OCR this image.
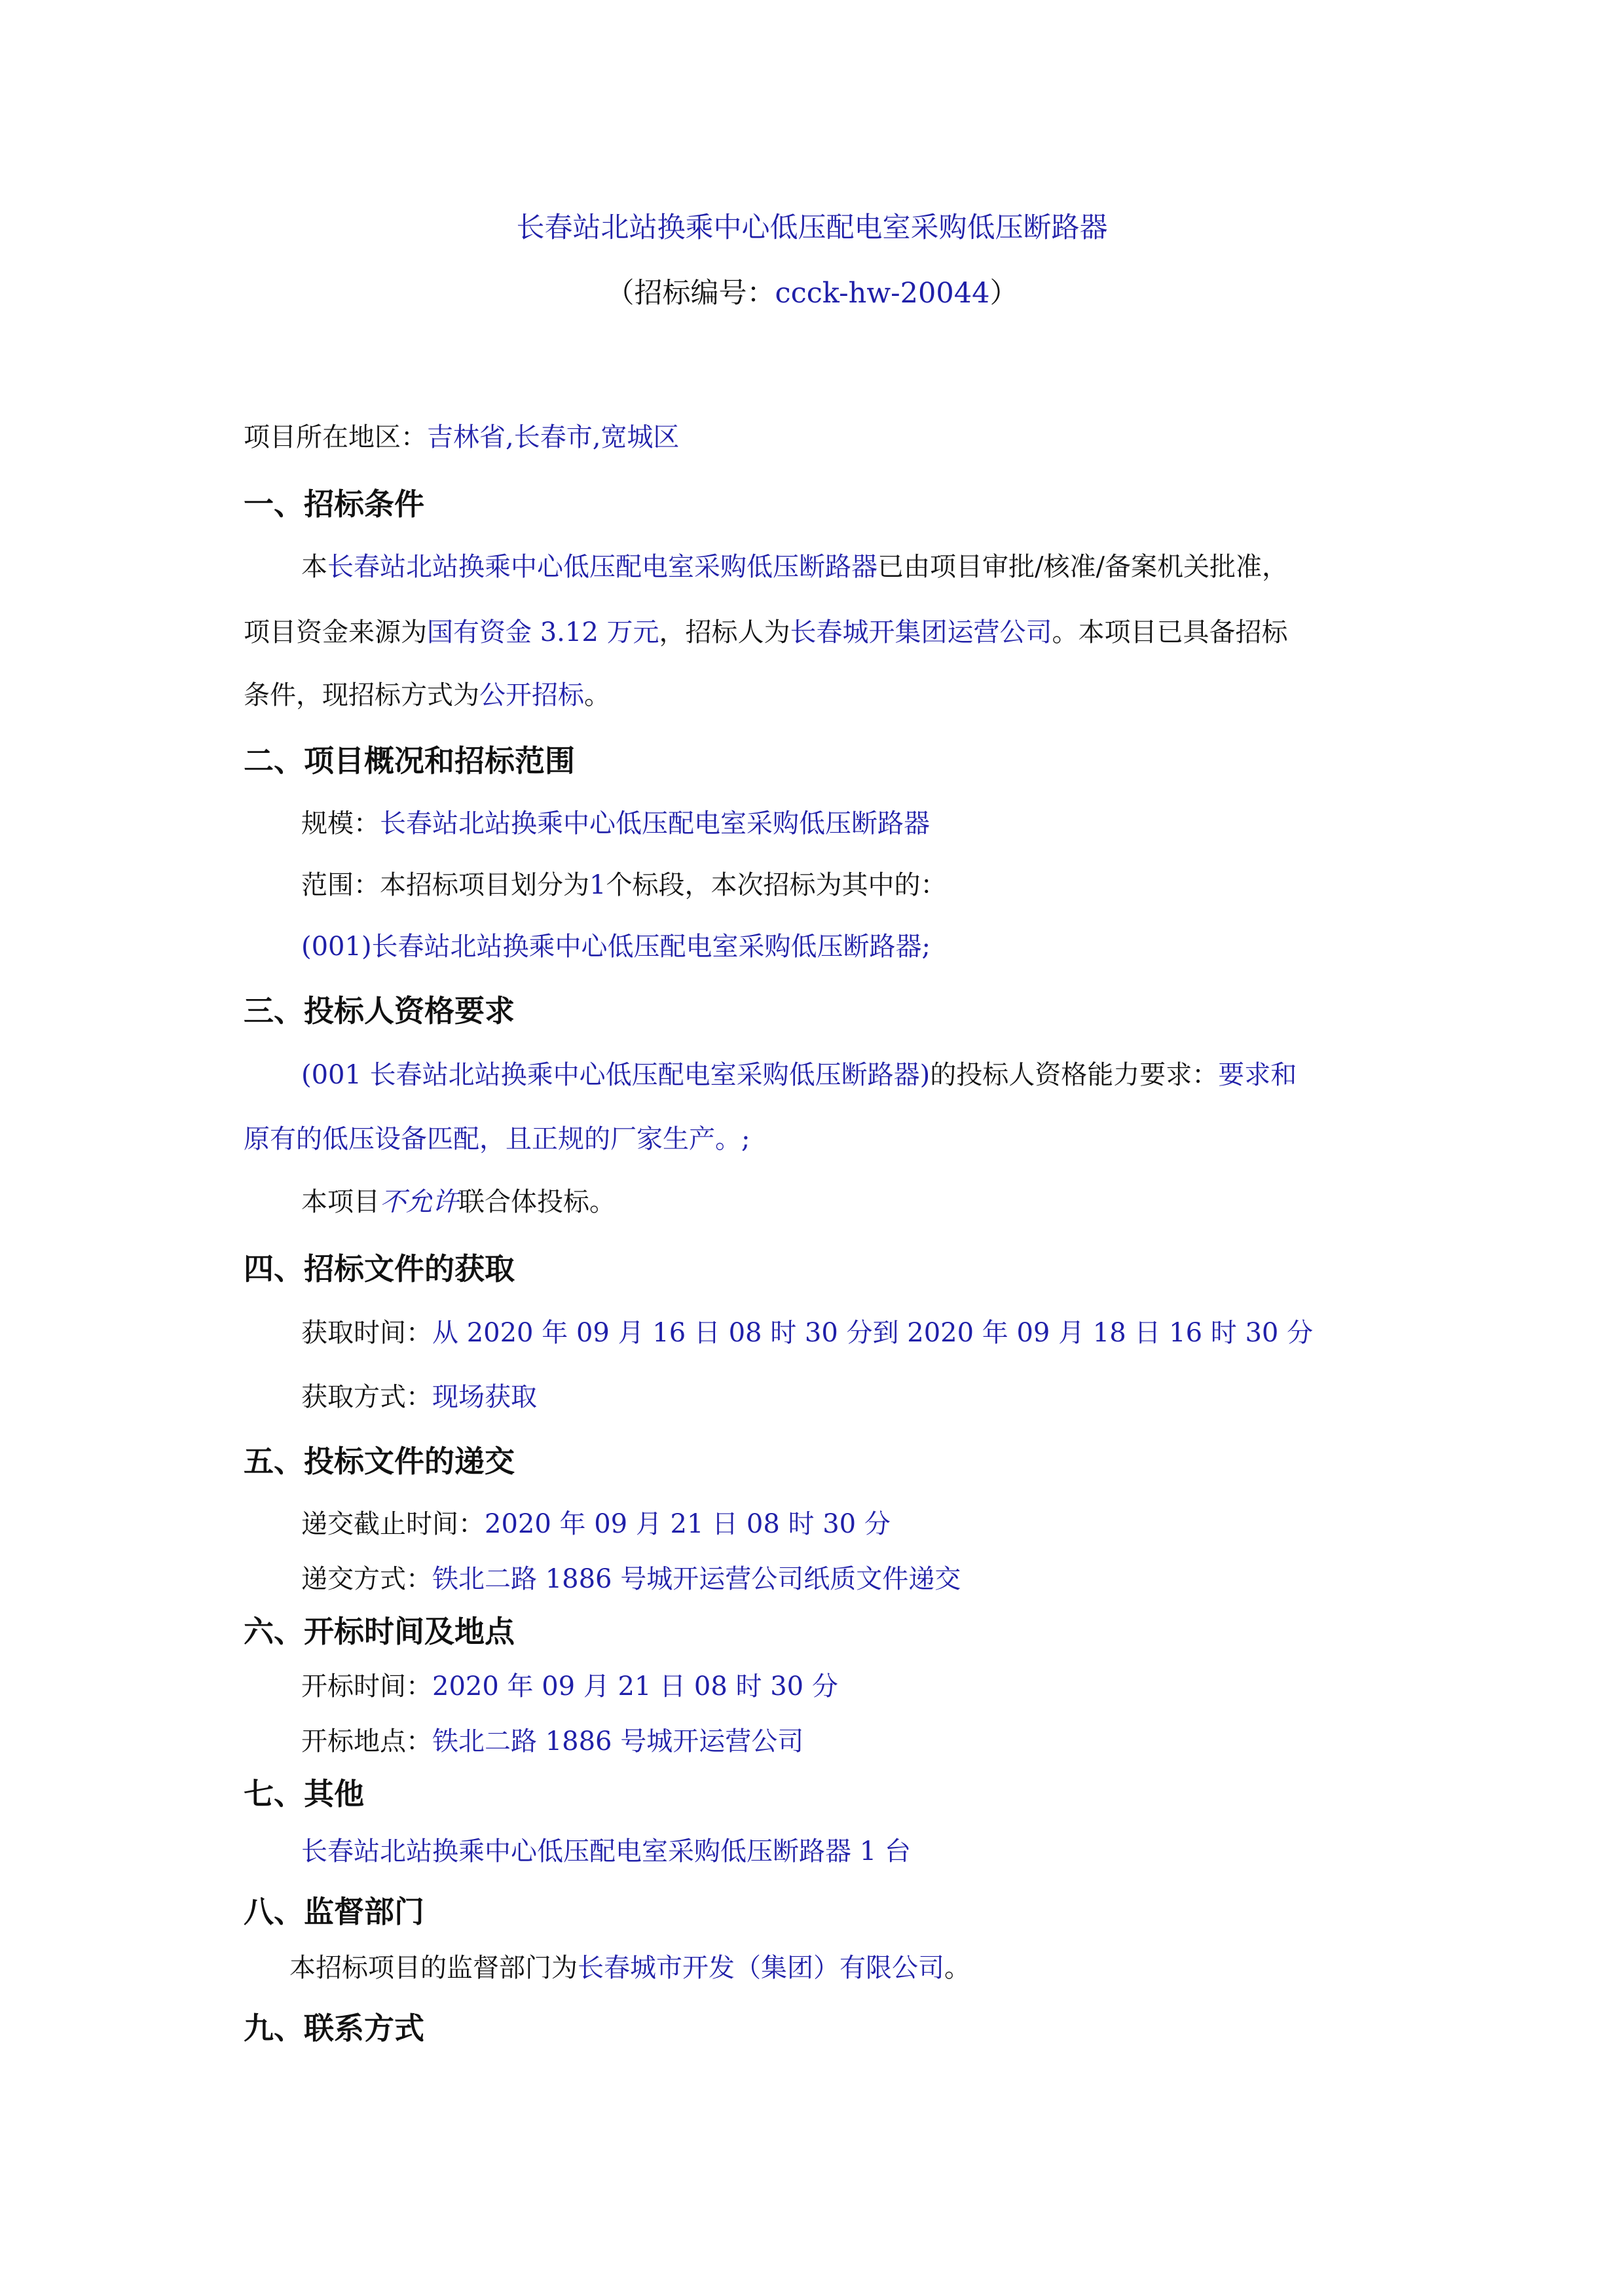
长春站北站换乘中心低压配电室采购低压断路器
（招标编号：ccck-hw-20044）
项目所在地区：吉林省,长春市,宽城区
一、招标条件
本长春站北站换乘中心低压配电室采购低压断路器已由项目审批/核准/备案机关批准，
项目资金来源为国有资金 3.12 万元，招标人为长春城开集团运营公司。本项目已具备招标
条件，现招标方式为公开招标。
二、项目概况和招标范围
规模：长春站北站换乘中心低压配电室采购低压断路器
范围：本招标项目划分为1个标段，本次招标为其中的：
(001)长春站北站换乘中心低压配电室采购低压断路器;
三、投标人资格要求
(001 长春站北站换乘中心低压配电室采购低压断路器)的投标人资格能力要求：要求和
原有的低压设备匹配，且正规的厂家生产。;
本项目不允许联合体投标。
四、招标文件的获取
获取时间：从 2020 年 09 月 16 日 08 时 30 分到 2020 年 09 月 18 日 16 时 30 分
获取方式：现场获取
五、投标文件的递交
递交截止时间：2020 年 09 月 21 日 08 时 30 分
递交方式：铁北二路 1886 号城开运营公司纸质文件递交
六、开标时间及地点
开标时间：2020 年 09 月 21 日 08 时 30 分
开标地点：铁北二路 1886 号城开运营公司
七、其他
长春站北站换乘中心低压配电室采购低压断路器 1 台
八、监督部门
本招标项目的监督部门为长春城市开发（集团）有限公司。
九、联系方式
